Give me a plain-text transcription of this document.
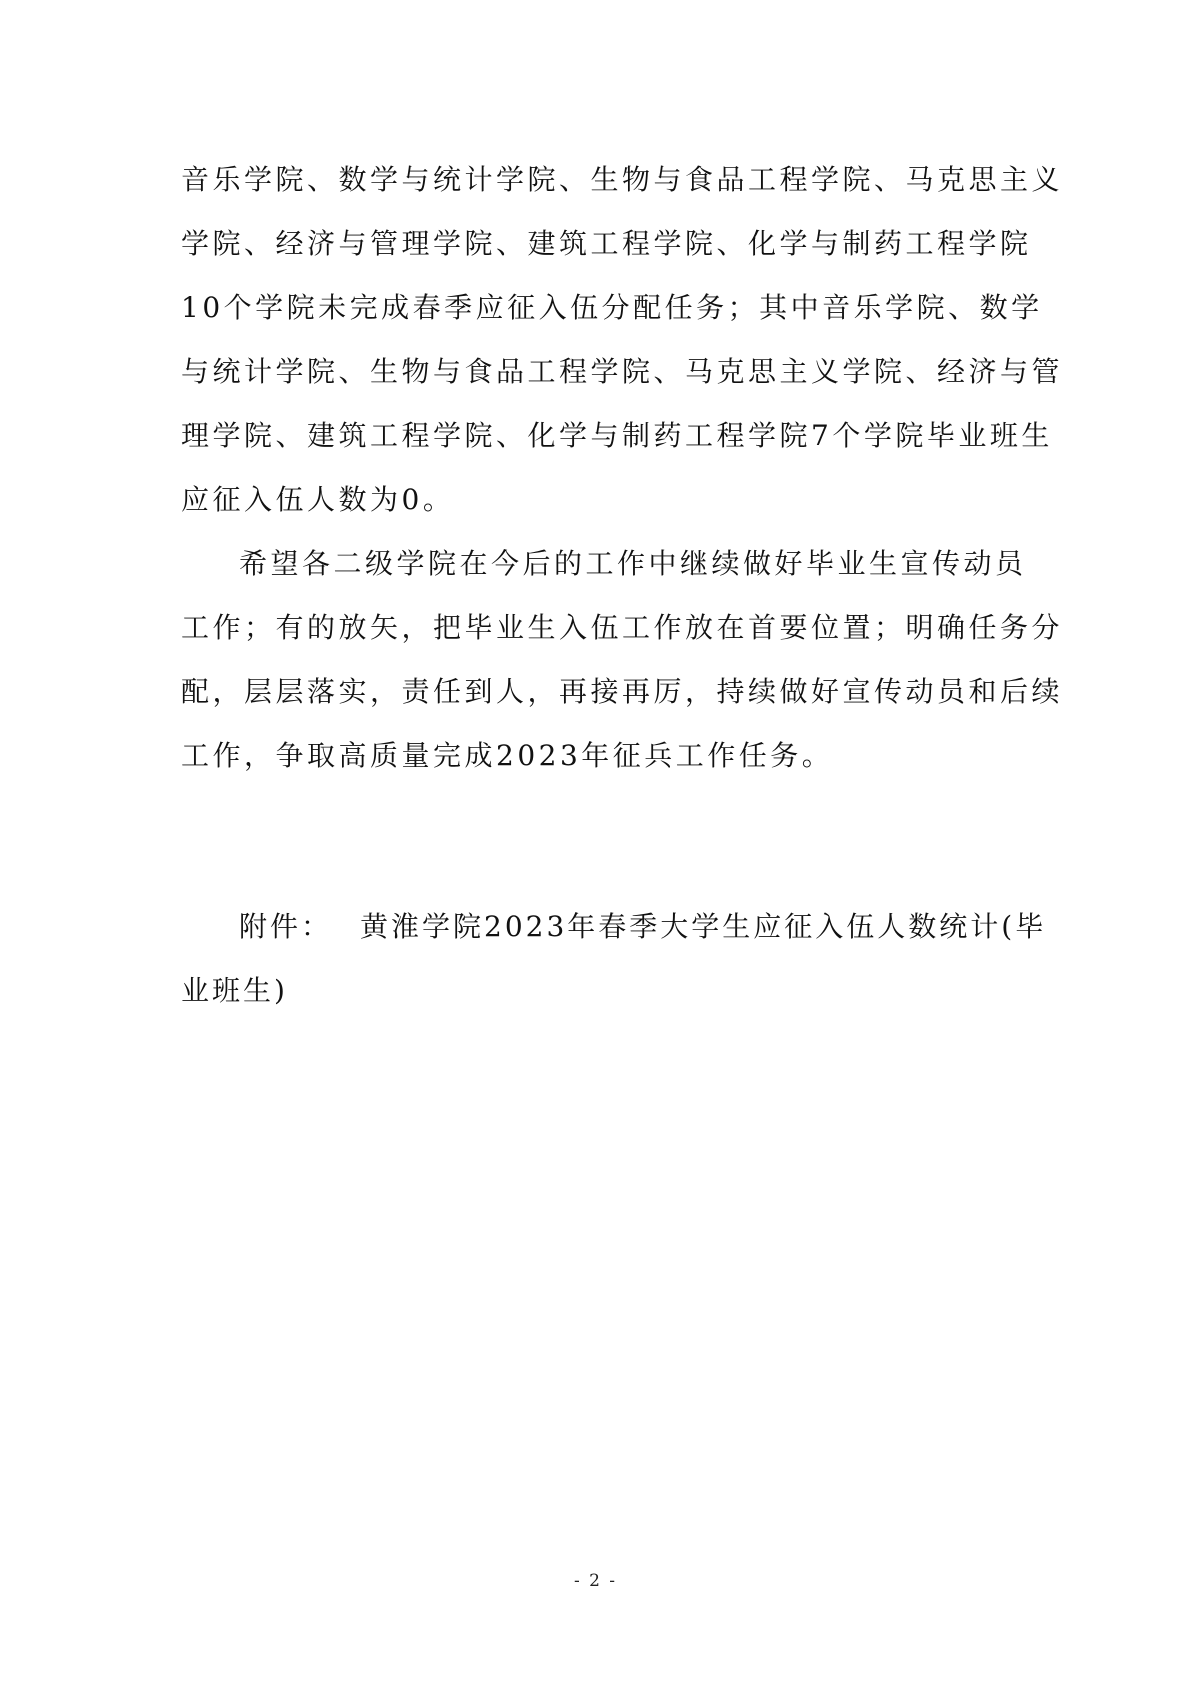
音乐学院、数学与统计学院、生物与食品工程学院、马克思主义
学院、经济与管理学院、建筑工程学院、化学与制药工程学院
10个学院未完成春季应征入伍分配任务；其中音乐学院、数学
与统计学院、生物与食品工程学院、马克思主义学院、经济与管
理学院、建筑工程学院、化学与制药工程学院7个学院毕业班生
应征入伍人数为0。

希望各二级学院在今后的工作中继续做好毕业生宣传动员
工作；有的放矢，把毕业生入伍工作放在首要位置；明确任务分
配，层层落实，责任到人，再接再厉，持续做好宣传动员和后续
工作，争取高质量完成2023年征兵工作任务。

附件： 黄淮学院2023年春季大学生应征入伍人数统计(毕
业班生)
- 2 -
